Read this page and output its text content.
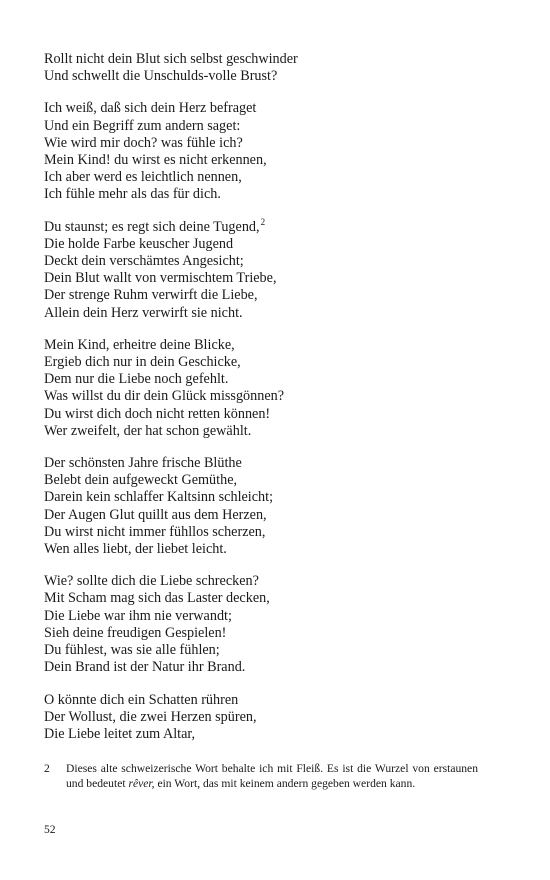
Rollt nicht dein Blut sich selbst geschwinder
Und schwellt die Unschulds-volle Brust?
Ich weiß, daß sich dein Herz befraget
Und ein Begriff zum andern saget:
Wie wird mir doch? was fühle ich?
Mein Kind! du wirst es nicht erkennen,
Ich aber werd es leichtlich nennen,
Ich fühle mehr als das für dich.
Du staunst; es regt sich deine Tugend,$^2$
Die holde Farbe keuscher Jugend
Deckt dein verschämtes Angesicht;
Dein Blut wallt von vermischtem Triebe,
Der strenge Ruhm verwirft die Liebe,
Allein dein Herz verwirft sie nicht.
Mein Kind, erheitre deine Blicke,
Ergieb dich nur in dein Geschicke,
Dem nur die Liebe noch gefehlt.
Was willst du dir dein Glück missgönnen?
Du wirst dich doch nicht retten können!
Wer zweifelt, der hat schon gewählt.
Der schönsten Jahre frische Blüthe
Belebt dein aufgeweckt Gemüthe,
Darein kein schlaffer Kaltsinn schleicht;
Der Augen Glut quillt aus dem Herzen,
Du wirst nicht immer fühllos scherzen,
Wen alles liebt, der liebet leicht.
Wie? sollte dich die Liebe schrecken?
Mit Scham mag sich das Laster decken,
Die Liebe war ihm nie verwandt;
Sieh deine freudigen Gespielen!
Du fühlest, was sie alle fühlen;
Dein Brand ist der Natur ihr Brand.
O könnte dich ein Schatten rühren
Der Wollust, die zwei Herzen spüren,
Die Liebe leitet zum Altar,
2 Dieses alte schweizerische Wort behalte ich mit Fleiß. Es ist die Wurzel von erstaunen und bedeutet rêver, ein Wort, das mit keinem andern gegeben werden kann.
52
